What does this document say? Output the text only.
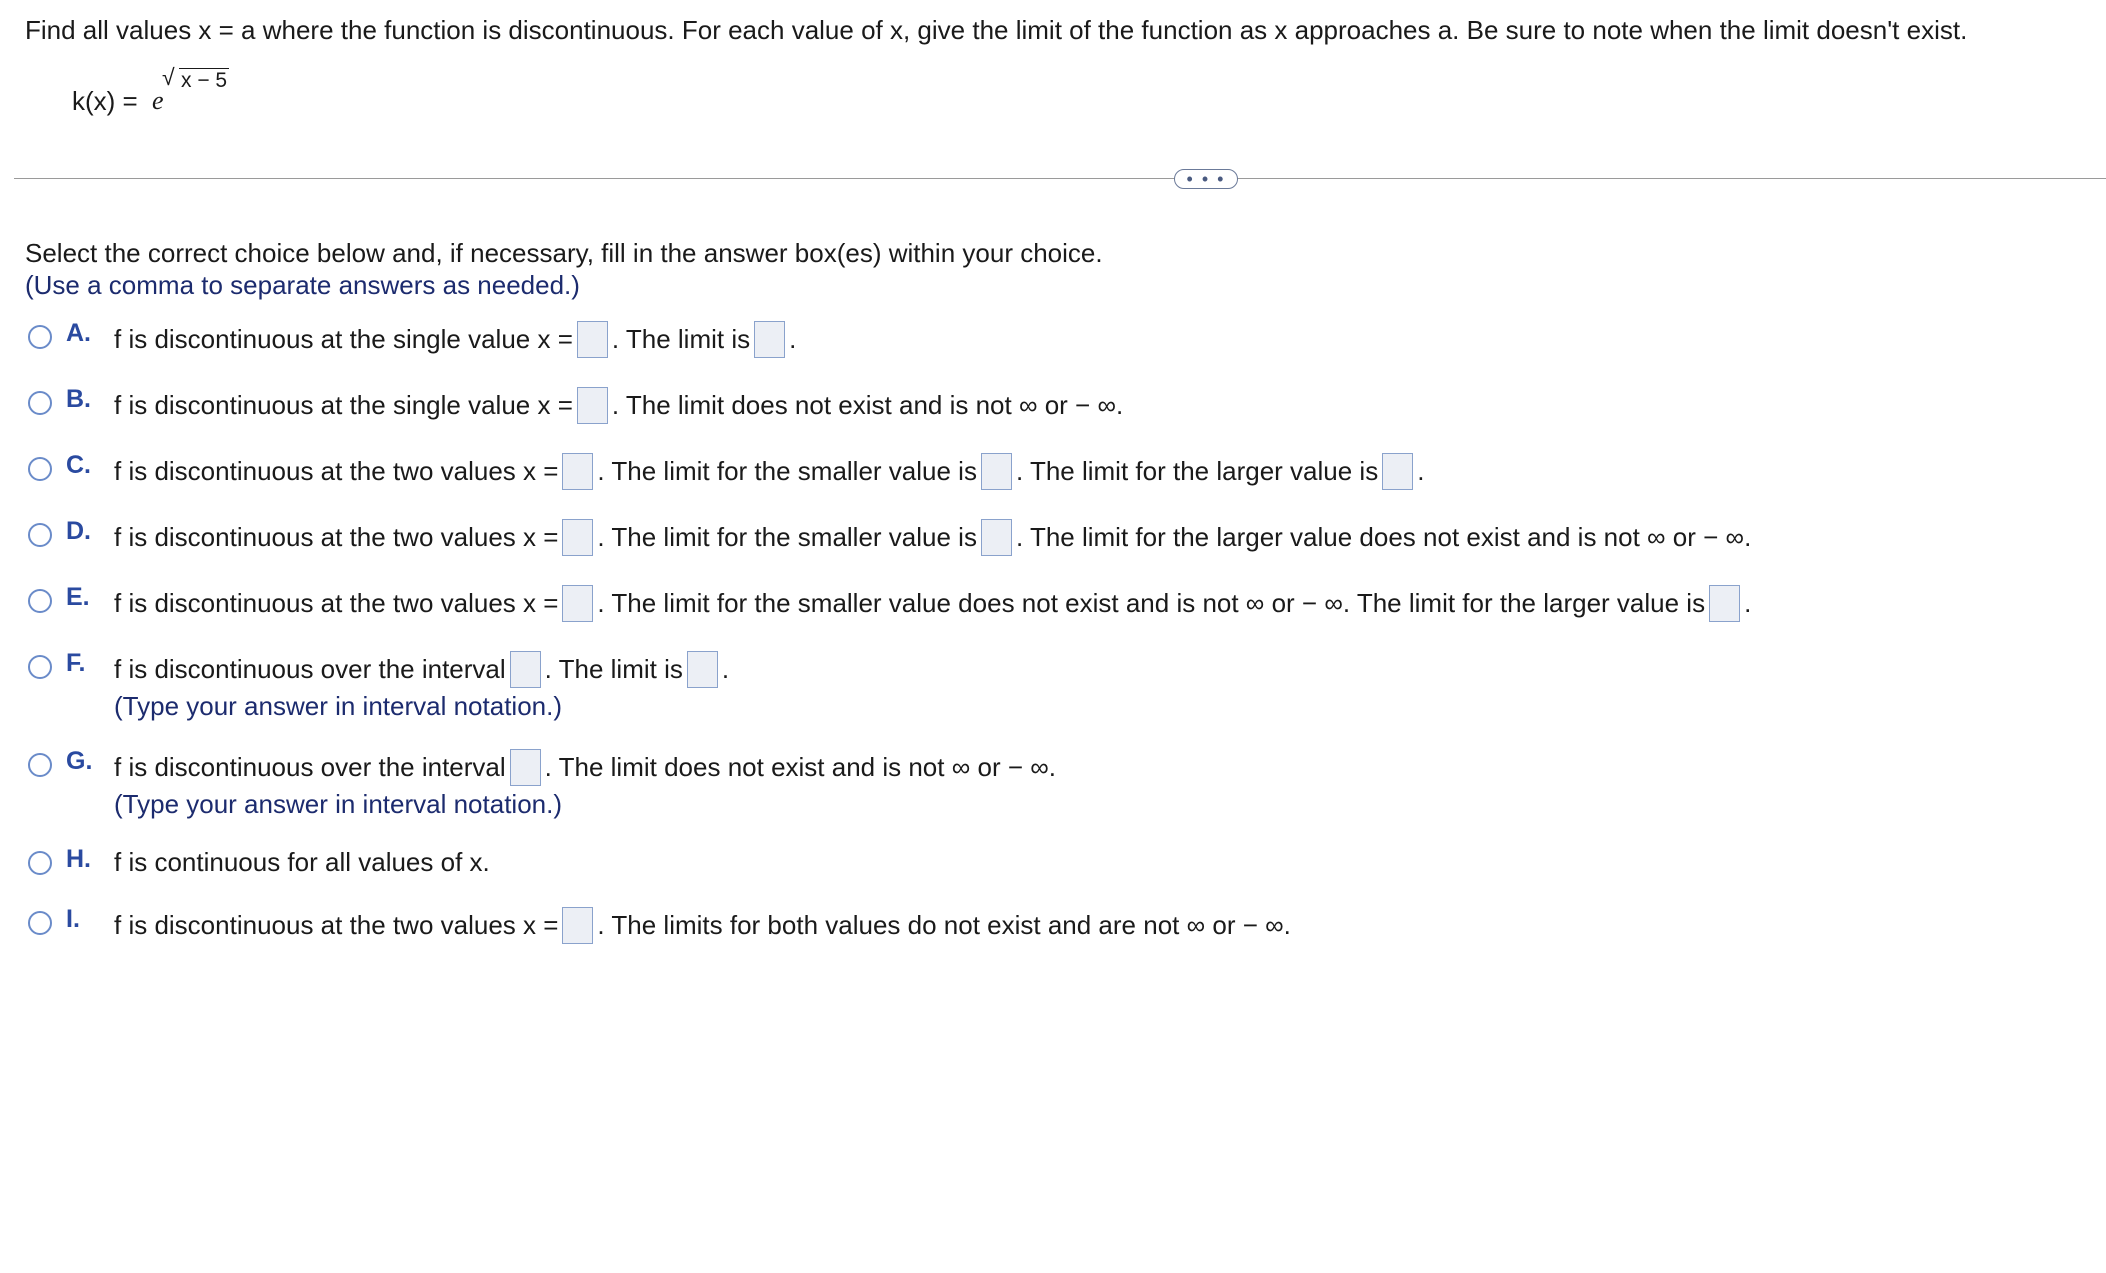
Find all values x = a where the function is discontinuous. For each value of x, give the limit of the function as x approaches a. Be sure to note when the limit doesn't exist.
k(x) = e
√ x − 5
• • •
Select the correct choice below and, if necessary, fill in the answer box(es) within your choice.
(Use a comma to separate answers as needed.)
A. f is discontinuous at the single value x = . The limit is .
B. f is discontinuous at the single value x = . The limit does not exist and is not ∞ or − ∞.
C. f is discontinuous at the two values x = . The limit for the smaller value is . The limit for the larger value is .
D. f is discontinuous at the two values x = . The limit for the smaller value is . The limit for the larger value does not exist and is not ∞ or − ∞.
E. f is discontinuous at the two values x = . The limit for the smaller value does not exist and is not ∞ or − ∞. The limit for the larger value is .
F. f is discontinuous over the interval . The limit is .
(Type your answer in interval notation.)
G. f is discontinuous over the interval . The limit does not exist and is not ∞ or − ∞.
(Type your answer in interval notation.)
H. f is continuous for all values of x.
I. f is discontinuous at the two values x = . The limits for both values do not exist and are not ∞ or − ∞.
